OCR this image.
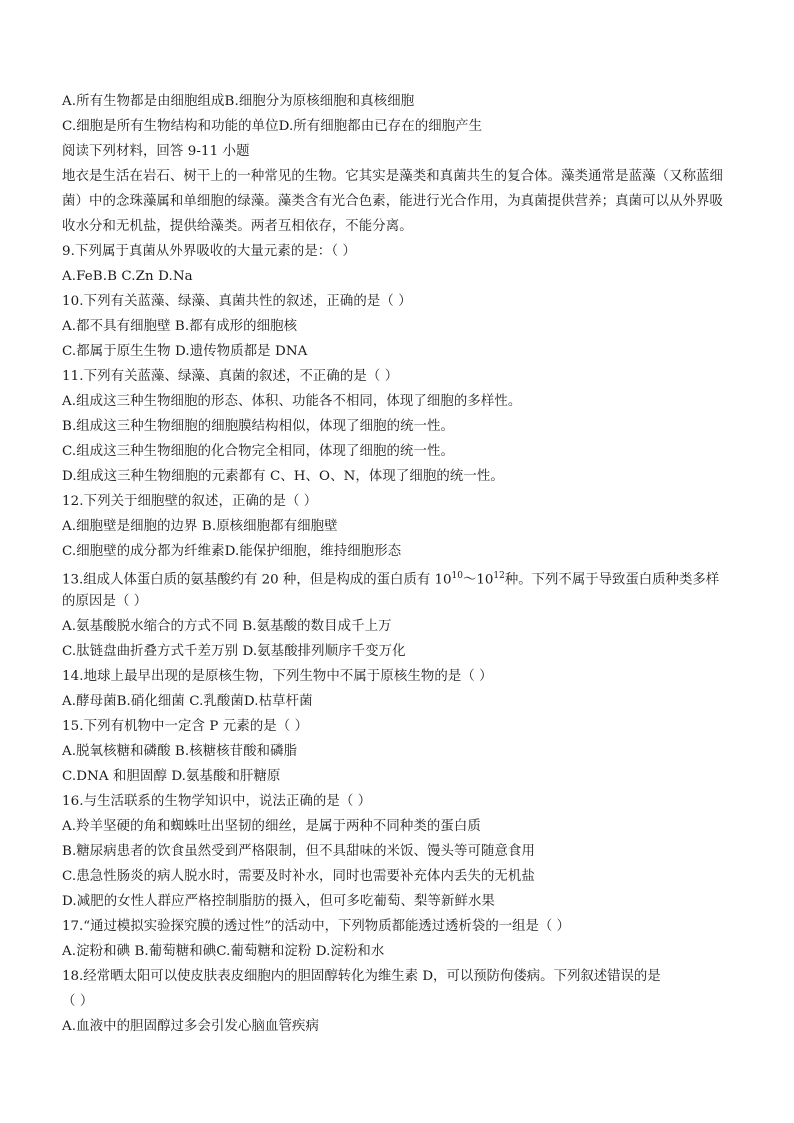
A.所有生物都是由细胞组成B.细胞分为原核细胞和真核细胞
C.细胞是所有生物结构和功能的单位D.所有细胞都由已存在的细胞产生
阅读下列材料，回答 9-11 小题
地衣是生活在岩石、树干上的一种常见的生物。它其实是藻类和真菌共生的复合体。藻类通常是蓝藻（又称蓝细菌）中的念珠藻属和单细胞的绿藻。藻类含有光合色素，能进行光合作用，为真菌提供营养；真菌可以从外界吸收水分和无机盐，提供给藻类。两者互相依存，不能分离。
9.下列属于真菌从外界吸收的大量元素的是：（ ）
A.FeB.B C.Zn D.Na
10.下列有关蓝藻、绿藻、真菌共性的叙述，正确的是（ ）
A.都不具有细胞壁 B.都有成形的细胞核
C.都属于原生生物 D.遗传物质都是 DNA
11.下列有关蓝藻、绿藻、真菌的叙述，不正确的是（ ）
A.组成这三种生物细胞的形态、体积、功能各不相同，体现了细胞的多样性。
B.组成这三种生物细胞的细胞膜结构相似，体现了细胞的统一性。
C.组成这三种生物细胞的化合物完全相同，体现了细胞的统一性。
D.组成这三种生物细胞的元素都有 C、H、O、N，体现了细胞的统一性。
12.下列关于细胞壁的叙述，正确的是（ ）
A.细胞壁是细胞的边界 B.原核细胞都有细胞壁
C.细胞壁的成分都为纤维素D.能保护细胞，维持细胞形态
13.组成人体蛋白质的氨基酸约有 20 种，但是构成的蛋白质有 $10^{10}\sim 10^{12}$种。下列不属于导致蛋白质种类多样
的原因是（ ）
A.氨基酸脱水缩合的方式不同 B.氨基酸的数目成千上万
C.肽链盘曲折叠方式千差万别 D.氨基酸排列顺序千变万化
14.地球上最早出现的是原核生物，下列生物中不属于原核生物的是（ ）
A.酵母菌B.硝化细菌 C.乳酸菌D.枯草杆菌
15.下列有机物中一定含 P 元素的是（ ）
A.脱氧核糖和磷酸 B.核糖核苷酸和磷脂
C.DNA 和胆固醇 D.氨基酸和肝糖原
16.与生活联系的生物学知识中，说法正确的是（ ）
A.羚羊坚硬的角和蜘蛛吐出坚韧的细丝，是属于两种不同种类的蛋白质
B.糖尿病患者的饮食虽然受到严格限制，但不具甜味的米饭、馒头等可随意食用
C.患急性肠炎的病人脱水时，需要及时补水，同时也需要补充体内丢失的无机盐
D.减肥的女性人群应严格控制脂肪的摄入，但可多吃葡萄、梨等新鲜水果
17.“通过模拟实验探究膜的透过性”的活动中，下列物质都能透过透析袋的一组是（ ）
A.淀粉和碘 B.葡萄糖和碘C.葡萄糖和淀粉 D.淀粉和水
18.经常晒太阳可以使皮肤表皮细胞内的胆固醇转化为维生素 D，可以预防佝偻病。下列叙述错误的是
（ ）
A.血液中的胆固醇过多会引发心脑血管疾病
